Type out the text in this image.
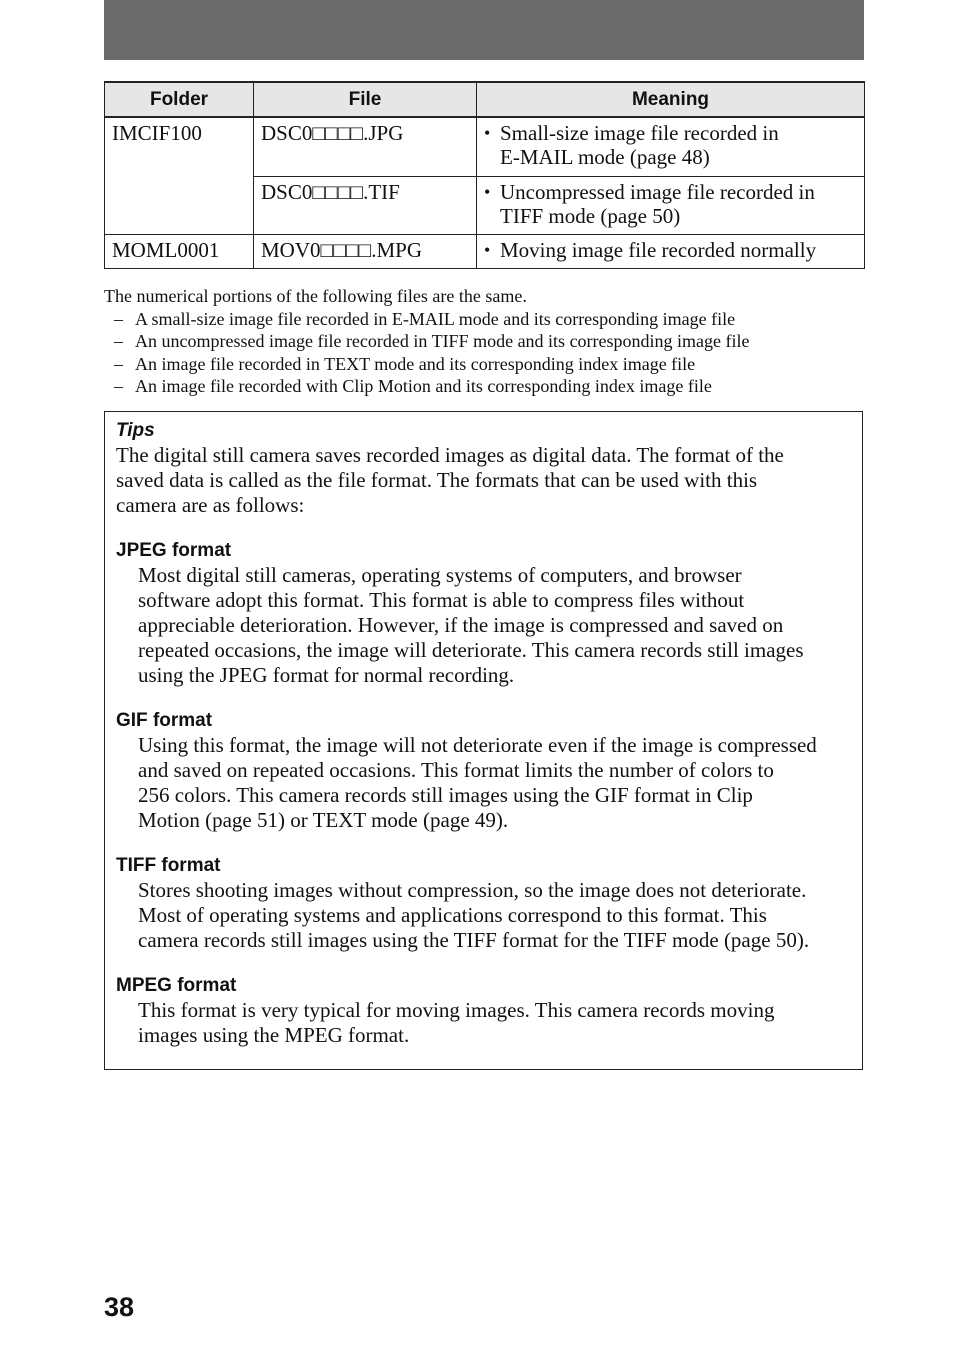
Folder	File	Meaning
IMCIF100	DSC0□□□□.JPG	• Small-size image file recorded in
E-MAIL mode (page 48)

	DSC0□□□□.TIF	• Uncompressed image file recorded in
TIFF mode (page 50)

MOML0001	MOV0□□□□.MPG	• Moving image file recorded normally
The numerical portions of the following files are the same.
– A small-size image file recorded in E-MAIL mode and its corresponding image file
– An uncompressed image file recorded in TIFF mode and its corresponding image file
– An image file recorded in TEXT mode and its corresponding index image file
– An image file recorded with Clip Motion and its corresponding index image file
Tips

The digital still camera saves recorded images as digital data. The format of the
saved data is called as the file format. The formats that can be used with this
camera are as follows:

JPEG format

Most digital still cameras, operating systems of computers, and browser
software adopt this format. This format is able to compress files without
appreciable deterioration. However, if the image is compressed and saved on
repeated occasions, the image will deteriorate. This camera records still images
using the JPEG format for normal recording.

GIF format

Using this format, the image will not deteriorate even if the image is compressed
and saved on repeated occasions. This format limits the number of colors to
256 colors. This camera records still images using the GIF format in Clip
Motion (page 51) or TEXT mode (page 49).

TIFF format

Stores shooting images without compression, so the image does not deteriorate.
Most of operating systems and applications correspond to this format. This
camera records still images using the TIFF format for the TIFF mode (page 50).

MPEG format

This format is very typical for moving images. This camera records moving
images using the MPEG format.

38
